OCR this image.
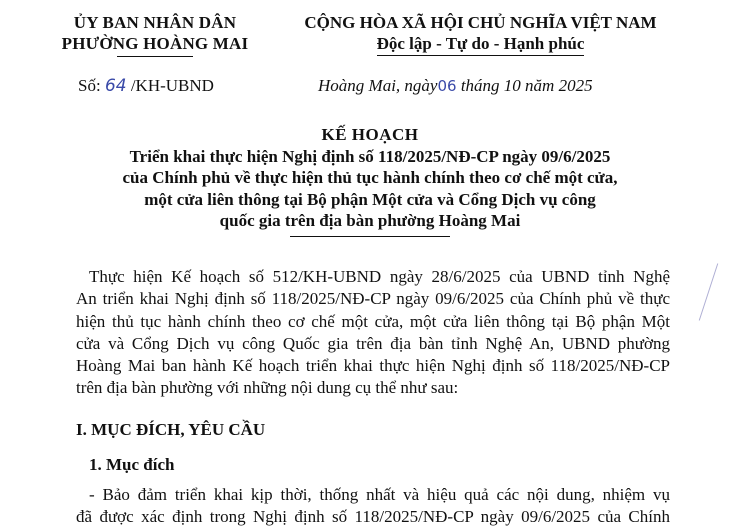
ỦY BAN NHÂN DÂN
PHƯỜNG HOÀNG MAI
CỘNG HÒA XÃ HỘI CHỦ NGHĨA VIỆT NAM
Độc lập - Tự do - Hạnh phúc
Số: 64 /KH-UBND	Hoàng Mai, ngày06 tháng 10 năm 2025
KẾ HOẠCH
Triển khai thực hiện Nghị định số 118/2025/NĐ-CP ngày 09/6/2025
của Chính phủ về thực hiện thủ tục hành chính theo cơ chế một cửa,
một cửa liên thông tại Bộ phận Một cửa và Cổng Dịch vụ công
quốc gia trên địa bàn phường Hoàng Mai
Thực hiện Kế hoạch số 512/KH-UBND ngày 28/6/2025 của UBND tỉnh Nghệ
An triển khai Nghị định số 118/2025/NĐ-CP ngày 09/6/2025 của Chính phủ về thực
hiện thủ tục hành chính theo cơ chế một cửa, một cửa liên thông tại Bộ phận Một
cửa và Cổng Dịch vụ công Quốc gia trên địa bàn tỉnh Nghệ An, UBND phường
Hoàng Mai ban hành Kế hoạch triển khai thực hiện Nghị định số 118/2025/NĐ-CP
trên địa bàn phường với những nội dung cụ thể như sau:
I. MỤC ĐÍCH, YÊU CẦU
1. Mục đích
- Bảo đảm triển khai kịp thời, thống nhất và hiệu quả các nội dung, nhiệm vụ
đã được xác định trong Nghị định số 118/2025/NĐ-CP ngày 09/6/2025 của Chính
